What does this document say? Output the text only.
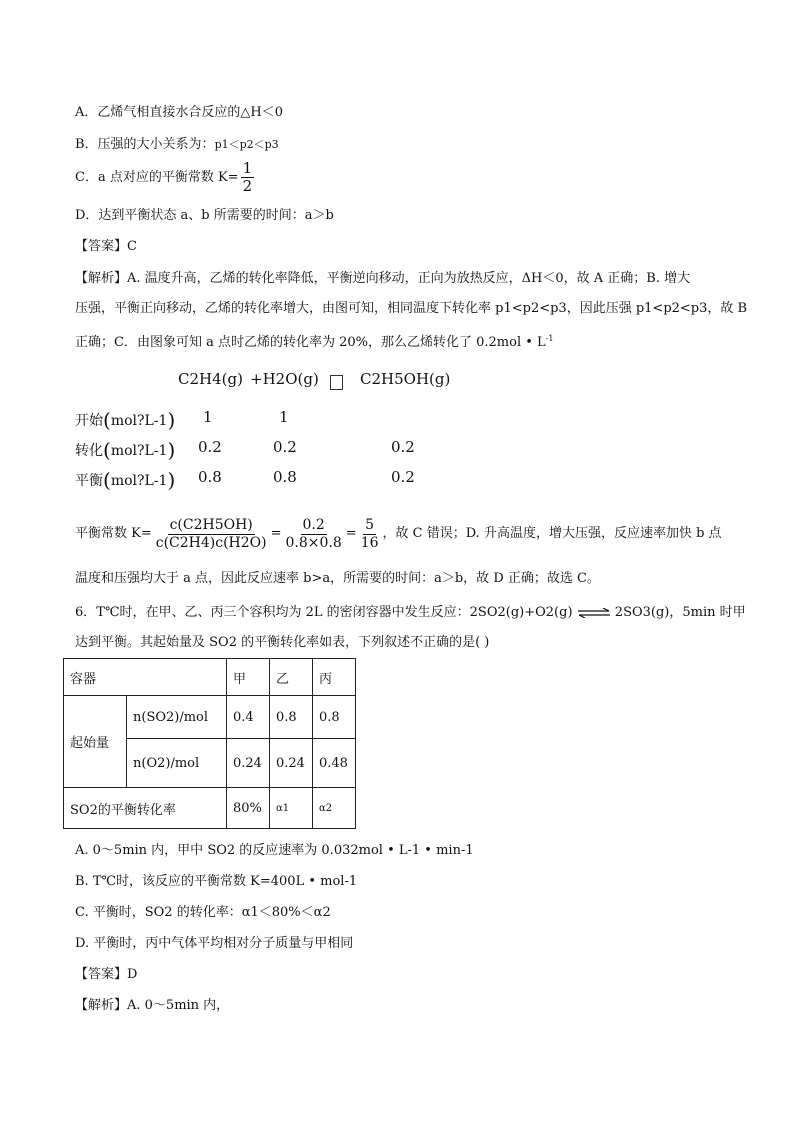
A．乙烯气相直接水合反应的△H＜0
B．压强的大小关系为：p1＜p2＜p3
C．a 点对应的平衡常数 $K= \frac{1}{2}$
D．达到平衡状态 a、b 所需要的时间：a＞b
【答案】C
【解析】A. 温度升高，乙烯的转化率降低，平衡逆向移动，正向为放热反应，ΔH＜0，故 A 正确；B. 增大
压强，平衡正向移动，乙烯的转化率增大，由图可知，相同温度下转化率 p1<p2<p3，因此压强 p1<p2<p3，故 B
正确；C．由图象可知 a 点时乙烯的转化率为 20%，那么乙烯转化了 0.2mol • $L^{-1}$
C2H4(g) +H2O(g)	C2H5OH(g)
开始(mol?L-1) 1	1
转化(mol?L-1) 0.2	0.2	0.2
平衡(mol?L-1) 0.8	0.8	0.2
平衡常数 $K= \frac{c(C2H5OH)}{c(C2H4)c(H2O)} = \frac{0.2}{0.8\times 0.8} = \frac{5}{16}$ ，故 C 错误；D. 升高温度，增大压强，反应速率加快 b 点
温度和压强均大于 a 点，因此反应速率 b>a，所需要的时间：a＞b，故 D 正确；故选 C。
6．T℃时，在甲、乙、丙三个容积均为 2L 的密闭容器中发生反应：2SO2(g)+O2(g) ⇌ 2SO3(g)，5min 时甲
达到平衡。其起始量及 SO2 的平衡转化率如表，下列叙述不正确的是( )
容器		甲	乙	丙
起始量	n(SO2)/mol	0.4	0.8	0.8
	n(O2)/mol	0.24	0.24	0.48
SO2的平衡转化率		80%	α1	α2
A. 0～5min 内，甲中 SO2 的反应速率为 0.032mol • L-1 • min-1
B. T℃时，该反应的平衡常数 K=400L • mol-1
C. 平衡时，SO2 的转化率：α1＜80%＜α2
D. 平衡时，丙中气体平均相对分子质量与甲相同
【答案】D
【解析】A. 0～5min 内，
